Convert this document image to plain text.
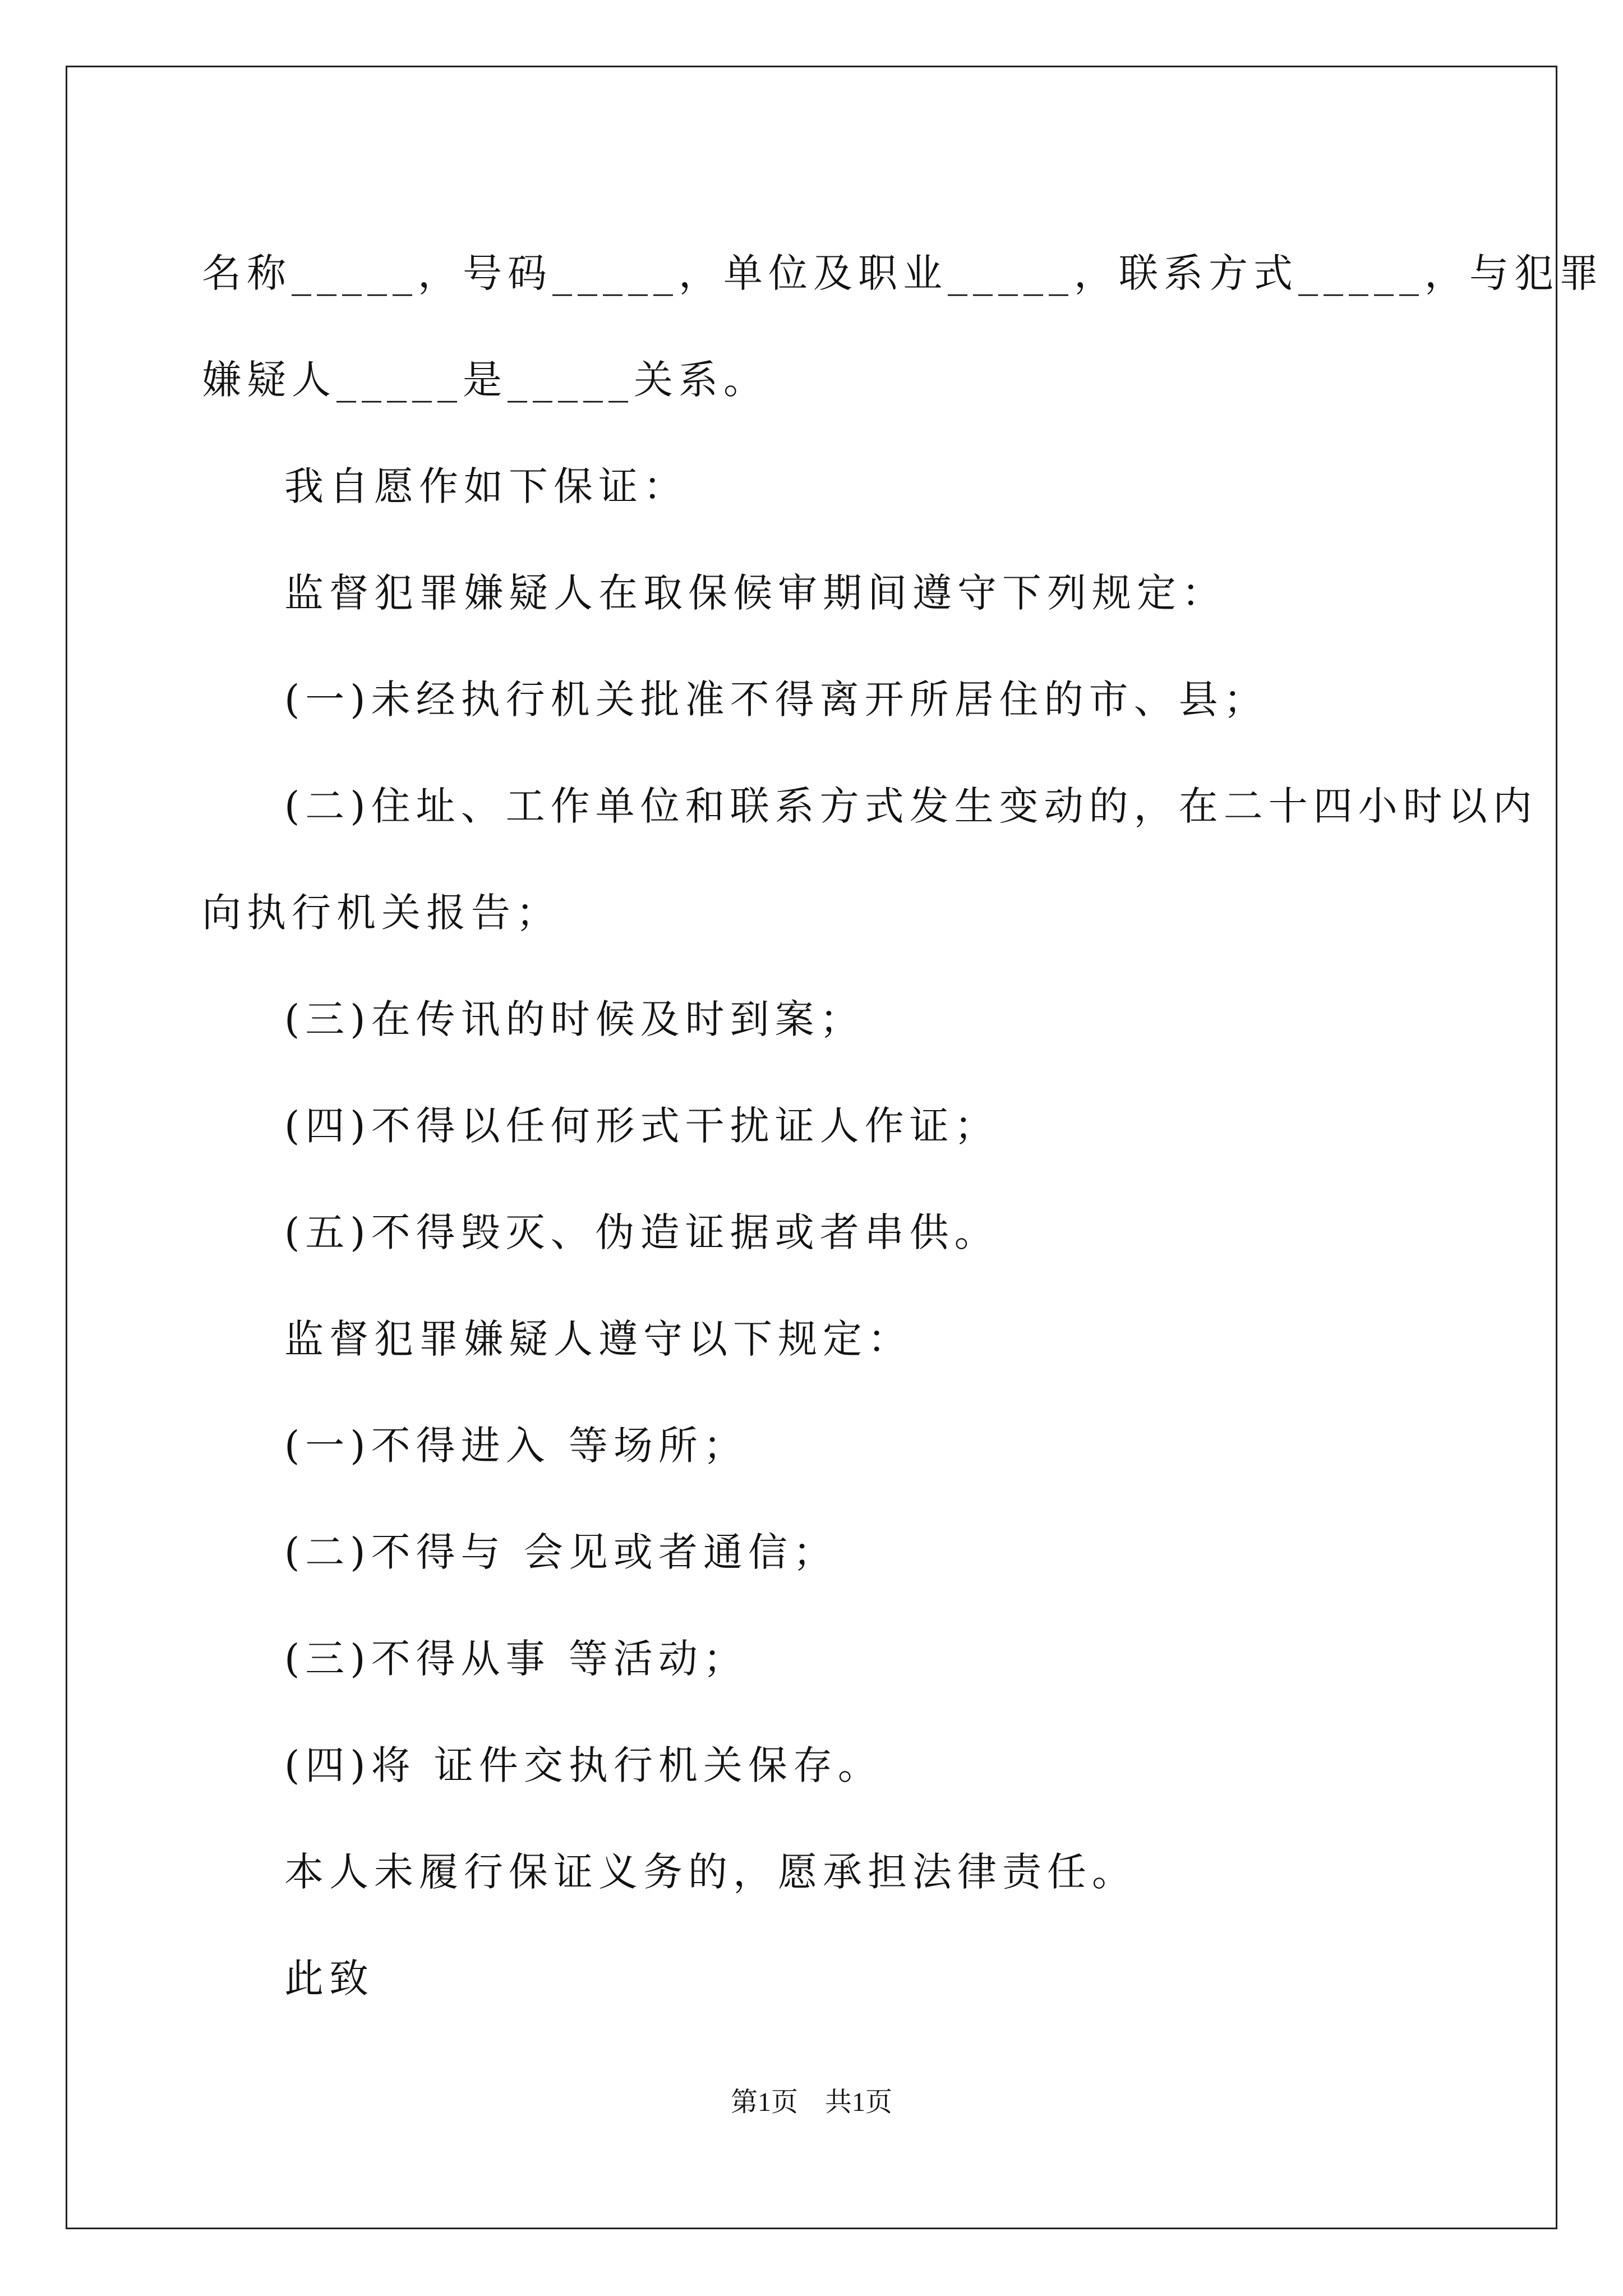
名称_____，号码_____，单位及职业_____，联系方式_____，与犯罪

嫌疑人_____是_____关系。

我自愿作如下保证：

监督犯罪嫌疑人在取保候审期间遵守下列规定：

(一)未经执行机关批准不得离开所居住的市、县；

(二)住址、工作单位和联系方式发生变动的，在二十四小时以内

向执行机关报告；

(三)在传讯的时候及时到案；

(四)不得以任何形式干扰证人作证；

(五)不得毁灭、伪造证据或者串供。

监督犯罪嫌疑人遵守以下规定：

(一)不得进入 等场所；

(二)不得与 会见或者通信；

(三)不得从事 等活动；

(四)将 证件交执行机关保存。

本人未履行保证义务的，愿承担法律责任。

此致

第1页　共1页
